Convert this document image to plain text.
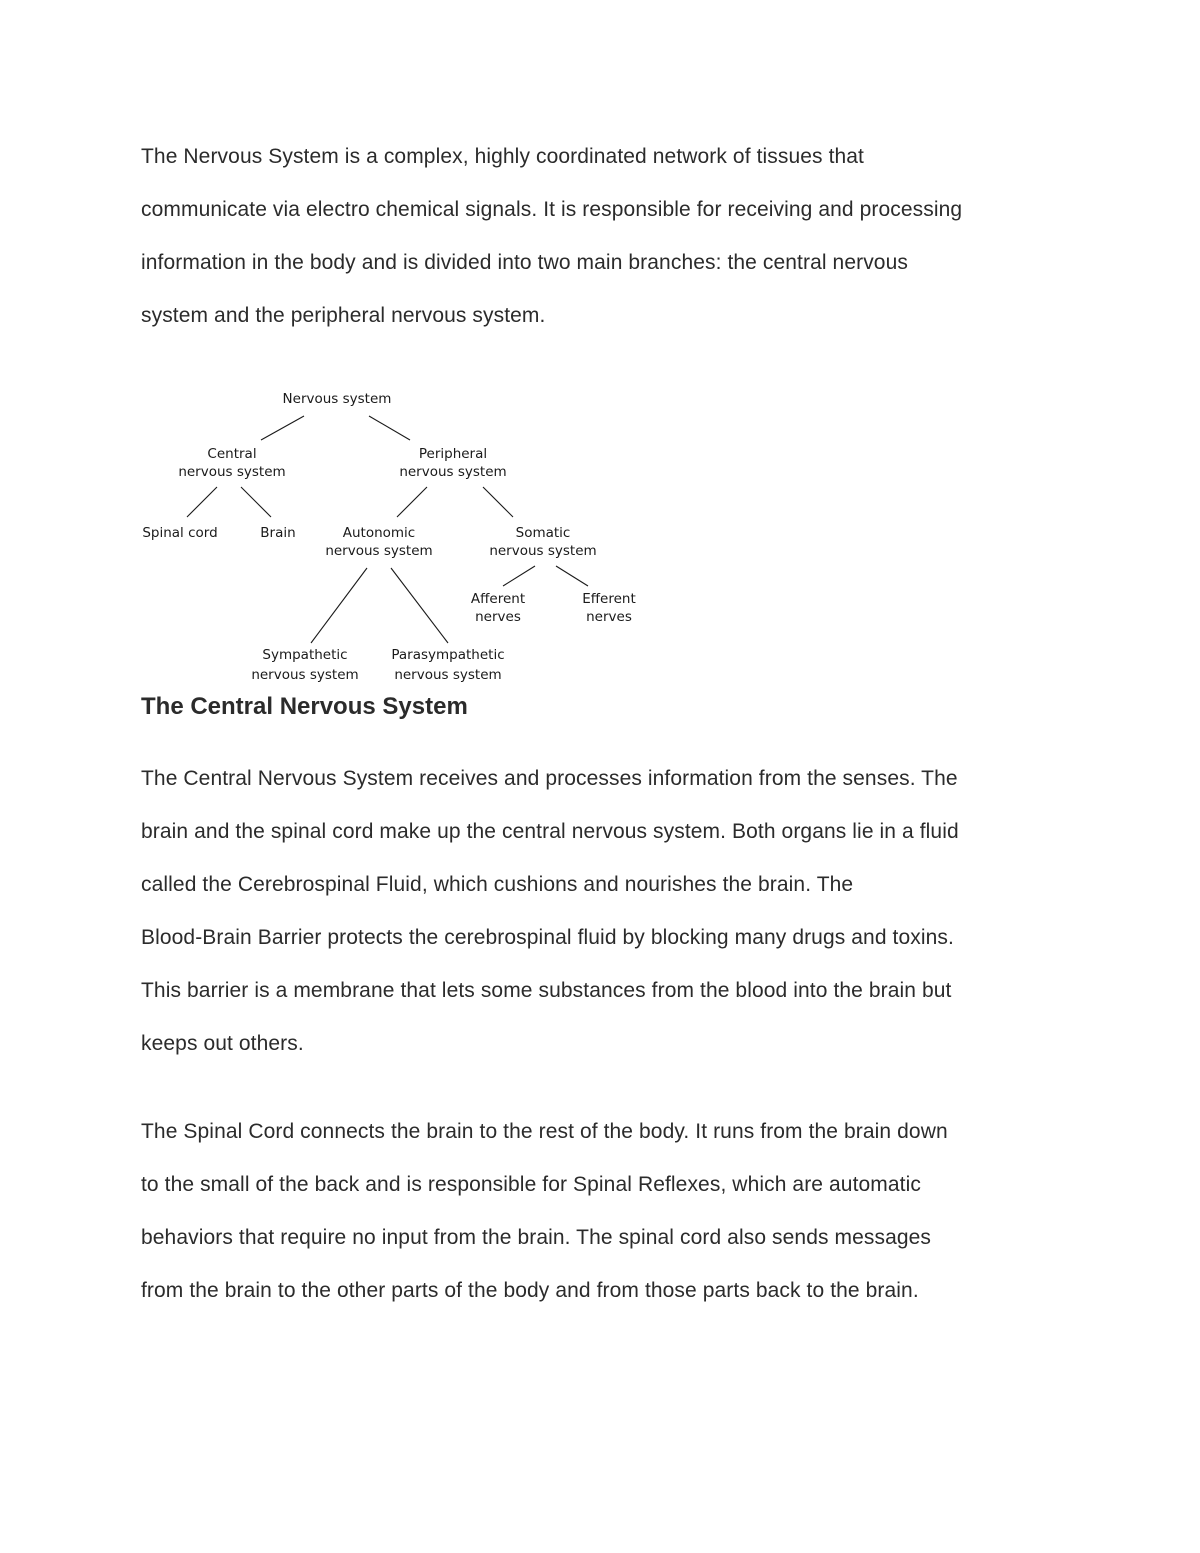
The Nervous System is a complex, highly coordinated network of tissues that
communicate via electro chemical signals. It is responsible for receiving and processing
information in the body and is divided into two main branches: the central nervous
system and the peripheral nervous system.

Nervous system
Central
nervous system
Peripheral
nervous system
Spinal cord	Brain	Autonomic
nervous system
Somatic
nervous system
Afferent
nerves
Efferent
nerves
Sympathetic
nervous system
Parasympathetic
nervous system
The Central Nervous System

The Central Nervous System receives and processes information from the senses. The
brain and the spinal cord make up the central nervous system. Both organs lie in a fluid
called the Cerebrospinal Fluid, which cushions and nourishes the brain. The
Blood-Brain Barrier protects the cerebrospinal fluid by blocking many drugs and toxins.
This barrier is a membrane that lets some substances from the blood into the brain but
keeps out others.

The Spinal Cord connects the brain to the rest of the body. It runs from the brain down
to the small of the back and is responsible for Spinal Reflexes, which are automatic
behaviors that require no input from the brain. The spinal cord also sends messages
from the brain to the other parts of the body and from those parts back to the brain.
